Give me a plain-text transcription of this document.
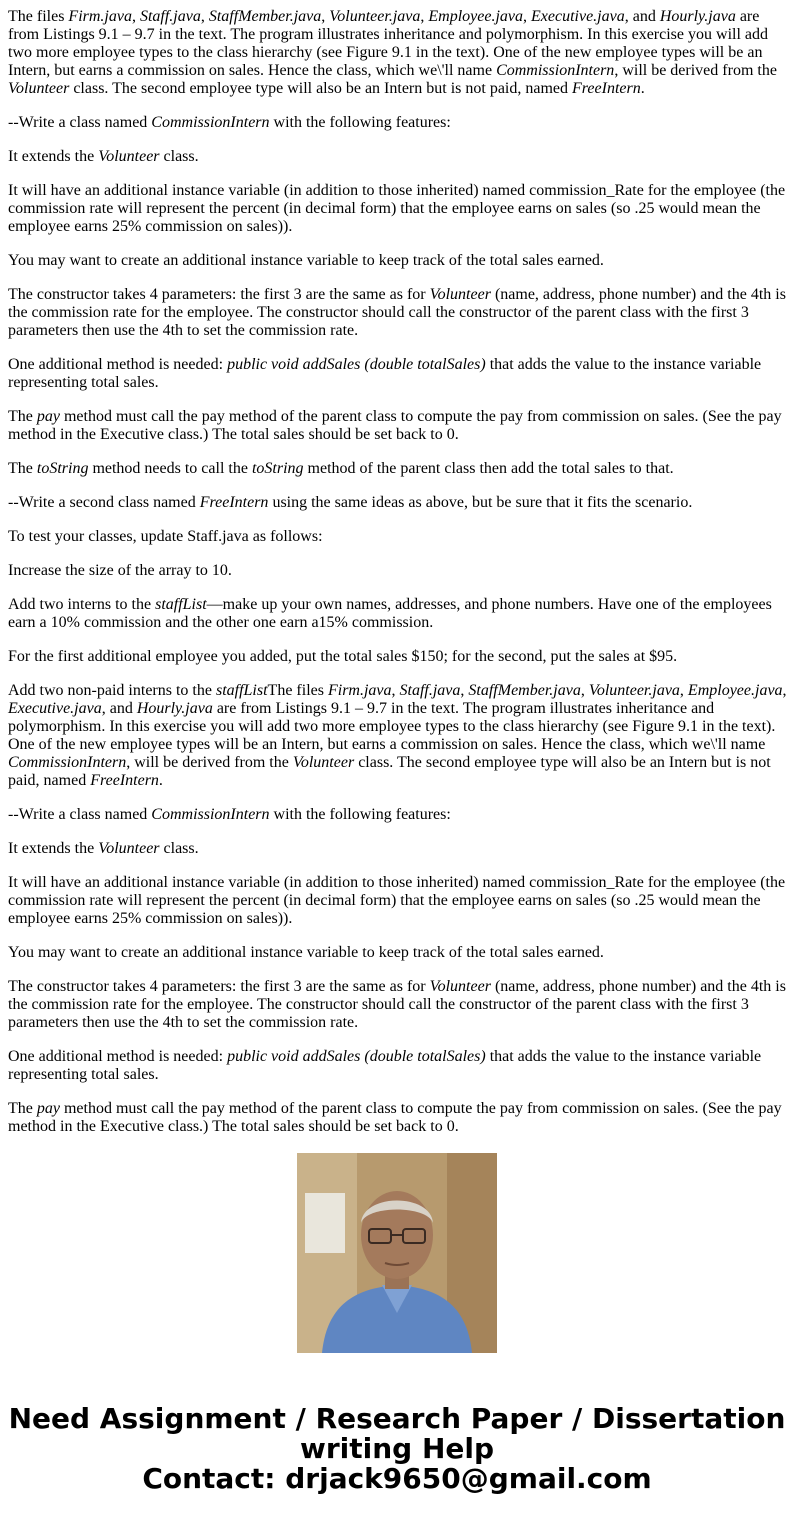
The files Firm.java, Staff.java, StaffMember.java, Volunteer.java, Employee.java, Executive.java, and Hourly.java are from Listings 9.1 – 9.7 in the text. The program illustrates inheritance and polymorphism. In this exercise you will add two more employee types to the class hierarchy (see Figure 9.1 in the text). One of the new employee types will be an Intern, but earns a commission on sales. Hence the class, which we\'ll name CommissionIntern, will be derived from the Volunteer class. The second employee type will also be an Intern but is not paid, named FreeIntern.

--Write a class named CommissionIntern with the following features:

It extends the Volunteer class.

It will have an additional instance variable (in addition to those inherited) named commission_Rate for the employee (the commission rate will represent the percent (in decimal form) that the employee earns on sales (so .25 would mean the employee earns 25% commission on sales)).

You may want to create an additional instance variable to keep track of the total sales earned.

The constructor takes 4 parameters: the first 3 are the same as for Volunteer (name, address, phone number) and the 4th is the commission rate for the employee. The constructor should call the constructor of the parent class with the first 3 parameters then use the 4th to set the commission rate.

One additional method is needed: public void addSales (double totalSales) that adds the value to the instance variable representing total sales.

The pay method must call the pay method of the parent class to compute the pay from commission on sales. (See the pay method in the Executive class.) The total sales should be set back to 0.

The toString method needs to call the toString method of the parent class then add the total sales to that.

--Write a second class named FreeIntern using the same ideas as above, but be sure that it fits the scenario.

To test your classes, update Staff.java as follows:

Increase the size of the array to 10.

Add two interns to the staffList—make up your own names, addresses, and phone numbers. Have one of the employees earn a 10% commission and the other one earn a15% commission.

For the first additional employee you added, put the total sales $150; for the second, put the sales at $95.

Add two non-paid interns to the staffListThe files Firm.java, Staff.java, StaffMember.java, Volunteer.java, Employee.java, Executive.java, and Hourly.java are from Listings 9.1 – 9.7 in the text. The program illustrates inheritance and polymorphism. In this exercise you will add two more employee types to the class hierarchy (see Figure 9.1 in the text). One of the new employee types will be an Intern, but earns a commission on sales. Hence the class, which we\'ll name CommissionIntern, will be derived from the Volunteer class. The second employee type will also be an Intern but is not paid, named FreeIntern.

--Write a class named CommissionIntern with the following features:

It extends the Volunteer class.

It will have an additional instance variable (in addition to those inherited) named commission_Rate for the employee (the commission rate will represent the percent (in decimal form) that the employee earns on sales (so .25 would mean the employee earns 25% commission on sales)).

You may want to create an additional instance variable to keep track of the total sales earned.

The constructor takes 4 parameters: the first 3 are the same as for Volunteer (name, address, phone number) and the 4th is the commission rate for the employee. The constructor should call the constructor of the parent class with the first 3 parameters then use the 4th to set the commission rate.

One additional method is needed: public void addSales (double totalSales) that adds the value to the instance variable representing total sales.

The pay method must call the pay method of the parent class to compute the pay from commission on sales. (See the pay method in the Executive class.) The total sales should be set back to 0.

Need Assignment / Research Paper / Dissertation
writing Help
Contact: drjack9650@gmail.com
